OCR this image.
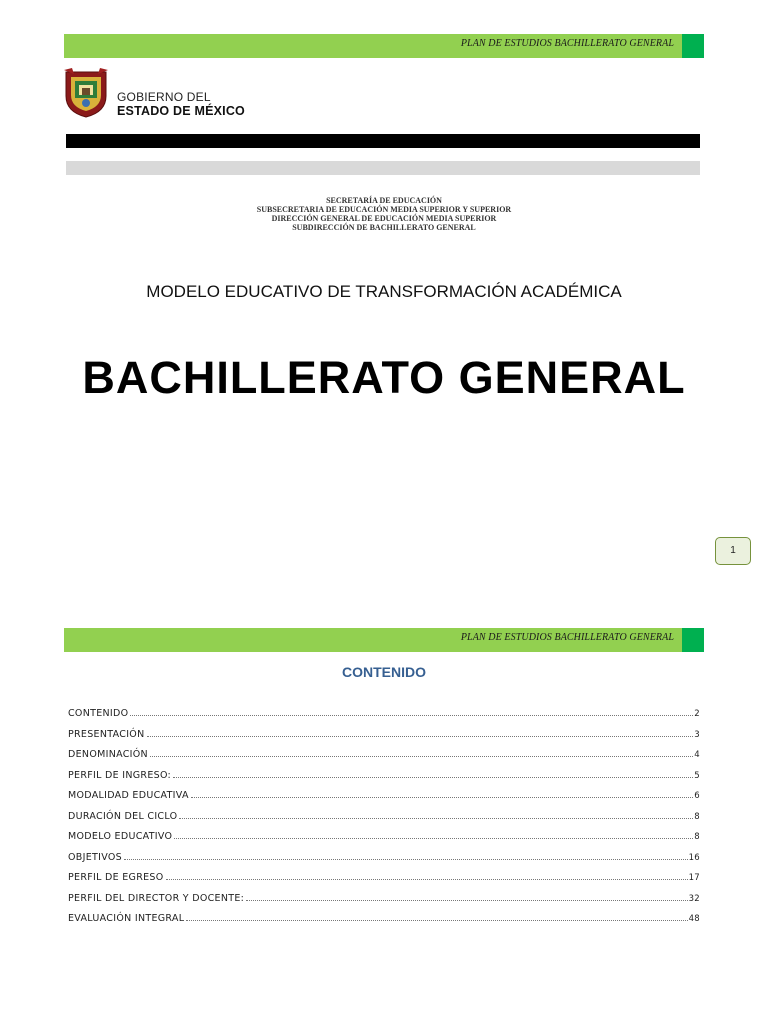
PLAN DE ESTUDIOS BACHILLERATO GENERAL
GOBIERNO DEL
ESTADO DE MÉXICO
SECRETARÍA DE EDUCACIÓN
SUBSECRETARIA DE EDUCACIÓN MEDIA SUPERIOR Y SUPERIOR
DIRECCIÓN GENERAL DE EDUCACIÓN MEDIA SUPERIOR
SUBDIRECCIÓN DE BACHILLERATO GENERAL
MODELO EDUCATIVO DE TRANSFORMACIÓN ACADÉMICA
BACHILLERATO GENERAL
1
PLAN DE ESTUDIOS BACHILLERATO GENERAL
CONTENIDO
CONTENIDO	2
PRESENTACIÓN	3
DENOMINACIÓN	4
PERFIL DE INGRESO:	5
MODALIDAD EDUCATIVA	6
DURACIÓN DEL CICLO	8
MODELO EDUCATIVO	8
OBJETIVOS	16
PERFIL DE EGRESO	17
PERFIL DEL DIRECTOR Y DOCENTE:	32
EVALUACIÓN INTEGRAL	48
